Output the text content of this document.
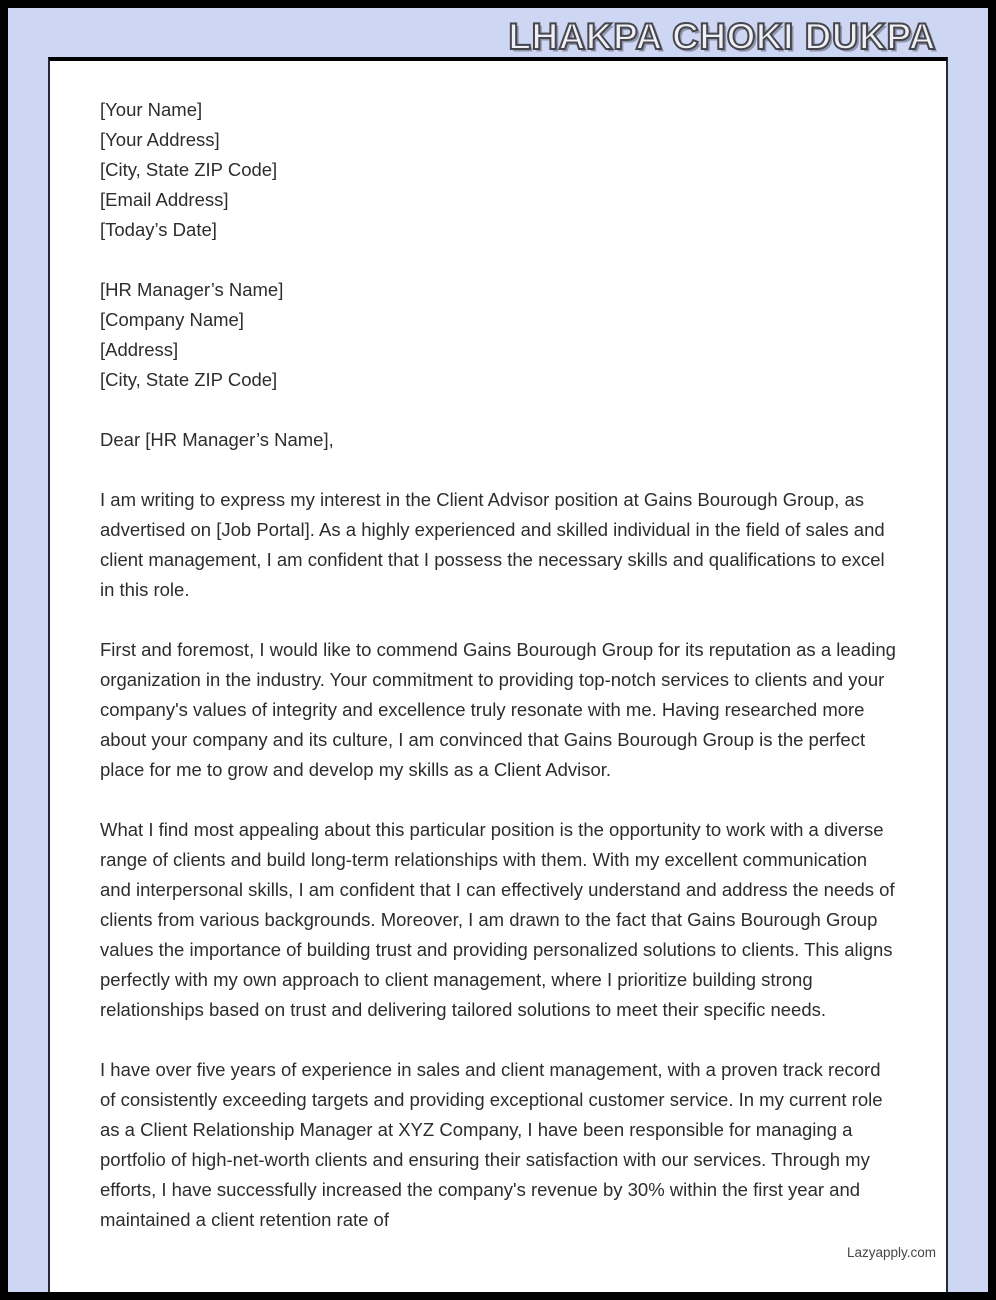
LHAKPA CHOKI DUKPA
[Your Name]
[Your Address]
[City, State ZIP Code]
[Email Address]
[Today’s Date]
[HR Manager’s Name]
[Company Name]
[Address]
[City, State ZIP Code]
Dear [HR Manager’s Name],

I am writing to express my interest in the Client Advisor position at Gains Bourough Group, as advertised on [Job Portal]. As a highly experienced and skilled individual in the field of sales and client management, I am confident that I possess the necessary skills and qualifications to excel in this role.

First and foremost, I would like to commend Gains Bourough Group for its reputation as a leading organization in the industry. Your commitment to providing top-notch services to clients and your company's values of integrity and excellence truly resonate with me. Having researched more about your company and its culture, I am convinced that Gains Bourough Group is the perfect place for me to grow and develop my skills as a Client Advisor.

What I find most appealing about this particular position is the opportunity to work with a diverse range of clients and build long-term relationships with them. With my excellent communication and interpersonal skills, I am confident that I can effectively understand and address the needs of clients from various backgrounds. Moreover, I am drawn to the fact that Gains Bourough Group values the importance of building trust and providing personalized solutions to clients. This aligns perfectly with my own approach to client management, where I prioritize building strong relationships based on trust and delivering tailored solutions to meet their specific needs.

I have over five years of experience in sales and client management, with a proven track record of consistently exceeding targets and providing exceptional customer service. In my current role as a Client Relationship Manager at XYZ Company, I have been responsible for managing a portfolio of high-net-worth clients and ensuring their satisfaction with our services. Through my efforts, I have successfully increased the company's revenue by 30% within the first year and maintained a client retention rate of

Lazyapply.com
